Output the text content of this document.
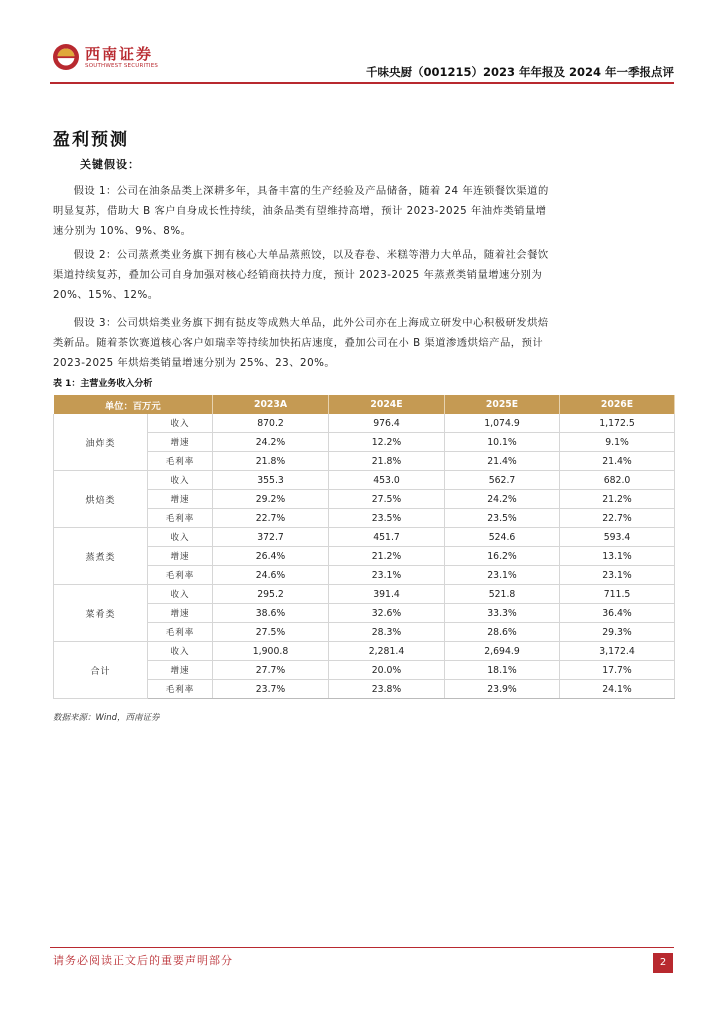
西南证券
SOUTHWEST SECURITIES	千味央厨（001215）2023 年年报及 2024 年一季报点评
盈利预测
关键假设：

假设 1：公司在油条品类上深耕多年，具备丰富的生产经验及产品储备，随着 24 年连锁餐饮渠道的明显复苏，借助大 B 客户自身成长性持续，油条品类有望维持高增，预计 2023-2025 年油炸类销量增速分别为 10%、9%、8%。

假设 2：公司蒸煮类业务旗下拥有核心大单品蒸煎饺，以及春卷、米糕等潜力大单品，随着社会餐饮渠道持续复苏，叠加公司自身加强对核心经销商扶持力度，预计 2023-2025 年蒸煮类销量增速分别为 20%、15%、12%。

假设 3：公司烘焙类业务旗下拥有挞皮等成熟大单品，此外公司亦在上海成立研发中心积极研发烘焙类新品。随着茶饮赛道核心客户如瑞幸等持续加快拓店速度，叠加公司在小 B 渠道渗透烘焙产品，预计 2023-2025 年烘焙类销量增速分别为 25%、23、20%。

表 1：主营业务收入分析
单位：百万元		2023A	2024E	2025E	2026E
油炸类	收入	870.2	976.4	1,074.9	1,172.5
	增速	24.2%	12.2%	10.1%	9.1%
	毛利率	21.8%	21.8%	21.4%	21.4%
烘焙类	收入	355.3	453.0	562.7	682.0
	增速	29.2%	27.5%	24.2%	21.2%
	毛利率	22.7%	23.5%	23.5%	22.7%
蒸煮类	收入	372.7	451.7	524.6	593.4
	增速	26.4%	21.2%	16.2%	13.1%
	毛利率	24.6%	23.1%	23.1%	23.1%
菜肴类	收入	295.2	391.4	521.8	711.5
	增速	38.6%	32.6%	33.3%	36.4%
	毛利率	27.5%	28.3%	28.6%	29.3%
合计	收入	1,900.8	2,281.4	2,694.9	3,172.4
	增速	27.7%	20.0%	18.1%	17.7%
	毛利率	23.7%	23.8%	23.9%	24.1%
数据来源：Wind，西南证券
请务必阅读正文后的重要声明部分	2
